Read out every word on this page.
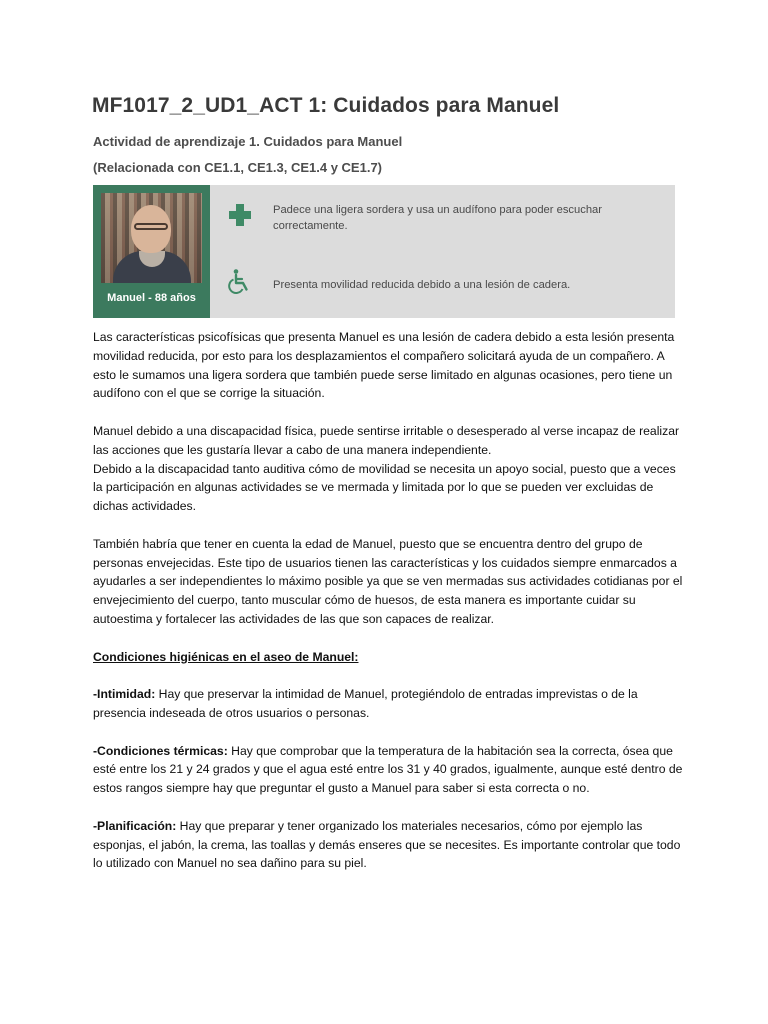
MF1017_2_UD1_ACT 1: Cuidados para Manuel

Actividad de aprendizaje 1. Cuidados para Manuel

(Relacionada con CE1.1, CE1.3, CE1.4 y CE1.7)

Manuel - 88 años

Padece una ligera sordera y usa un audífono para poder escuchar correctamente.

Presenta movilidad reducida debido a una lesión de cadera.

Las características psicofísicas que presenta Manuel es una lesión de cadera debido a esta lesión presenta movilidad reducida, por esto para los desplazamientos el compañero solicitará ayuda de un compañero. A esto le sumamos una ligera sordera que también puede serse limitado en algunas ocasiones, pero tiene un audífono con el que se corrige la situación.

Manuel debido a una discapacidad física, puede sentirse irritable o desesperado al verse incapaz de realizar las acciones que les gustaría llevar a cabo de una manera independiente.

Debido a la discapacidad tanto auditiva cómo de movilidad se necesita un apoyo social, puesto que a veces la participación en algunas actividades se ve mermada y limitada por lo que se pueden ver excluidas de dichas actividades.

También habría que tener en cuenta la edad de Manuel, puesto que se encuentra dentro del grupo de personas envejecidas. Este tipo de usuarios tienen las características y los cuidados siempre enmarcados a ayudarles a ser independientes lo máximo posible ya que se ven mermadas sus actividades cotidianas por el envejecimiento del cuerpo, tanto muscular cómo de huesos, de esta manera es importante cuidar su autoestima y fortalecer las actividades de las que son capaces de realizar.

Condiciones higiénicas en el aseo de Manuel:

-Intimidad: Hay que preservar la intimidad de Manuel, protegiéndolo de entradas imprevistas o de la presencia indeseada de otros usuarios o personas.

-Condiciones térmicas: Hay que comprobar que la temperatura de la habitación sea la correcta, ósea que esté entre los 21 y 24 grados y que el agua esté entre los 31 y 40 grados, igualmente, aunque esté dentro de estos rangos siempre hay que preguntar el gusto a Manuel para saber si esta correcta o no.

-Planificación: Hay que preparar y tener organizado los materiales necesarios, cómo por ejemplo las esponjas, el jabón, la crema, las toallas y demás enseres que se necesites. Es importante controlar que todo lo utilizado con Manuel no sea dañino para su piel.
